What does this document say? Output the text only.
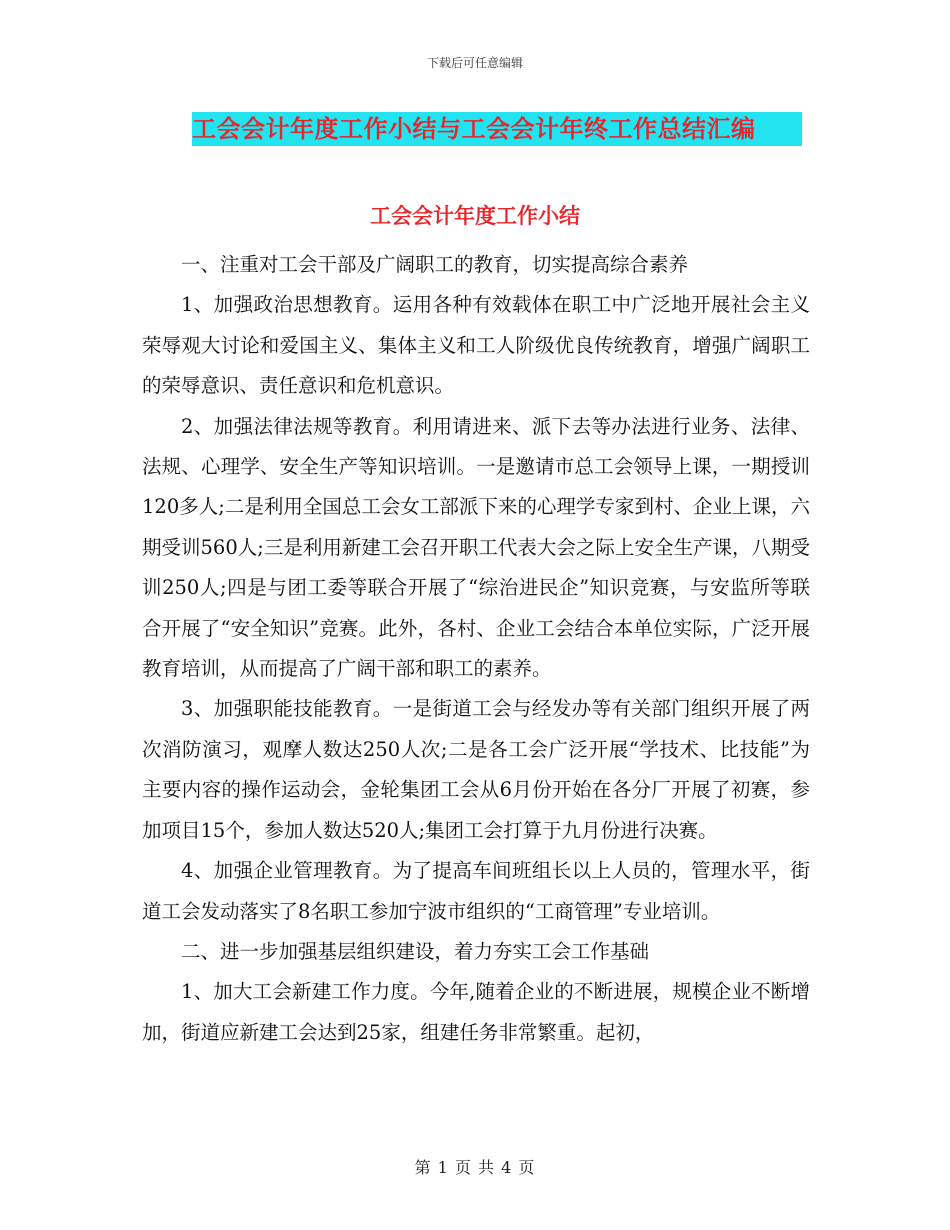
下载后可任意编辑
工会会计年度工作小结与工会会计年终工作总结汇编
工会会计年度工作小结

一、注重对工会干部及广阔职工的教育，切实提高综合素养

1、加强政治思想教育。运用各种有效载体在职工中广泛地开展社会主义荣辱观大讨论和爱国主义、集体主义和工人阶级优良传统教育，增强广阔职工的荣辱意识、责任意识和危机意识。

2、加强法律法规等教育。利用请进来、派下去等办法进行业务、法律、法规、心理学、安全生产等知识培训。一是邀请市总工会领导上课，一期授训120多人;二是利用全国总工会女工部派下来的心理学专家到村、企业上课，六期受训560人;三是利用新建工会召开职工代表大会之际上安全生产课，八期受训250人;四是与团工委等联合开展了“综治进民企”知识竞赛，与安监所等联合开展了“安全知识”竞赛。此外，各村、企业工会结合本单位实际，广泛开展教育培训，从而提高了广阔干部和职工的素养。

3、加强职能技能教育。一是街道工会与经发办等有关部门组织开展了两次消防演习，观摩人数达250人次;二是各工会广泛开展“学技术、比技能”为主要内容的操作运动会，金轮集团工会从6月份开始在各分厂开展了初赛，参加项目15个，参加人数达520人;集团工会打算于九月份进行决赛。

4、加强企业管理教育。为了提高车间班组长以上人员的，管理水平，街道工会发动落实了8名职工参加宁波市组织的“工商管理”专业培训。

二、进一步加强基层组织建设，着力夯实工会工作基础

1、加大工会新建工作力度。今年,随着企业的不断进展，规模企业不断增加，街道应新建工会达到25家，组建任务非常繁重。起初，

第 1 页 共 4 页
